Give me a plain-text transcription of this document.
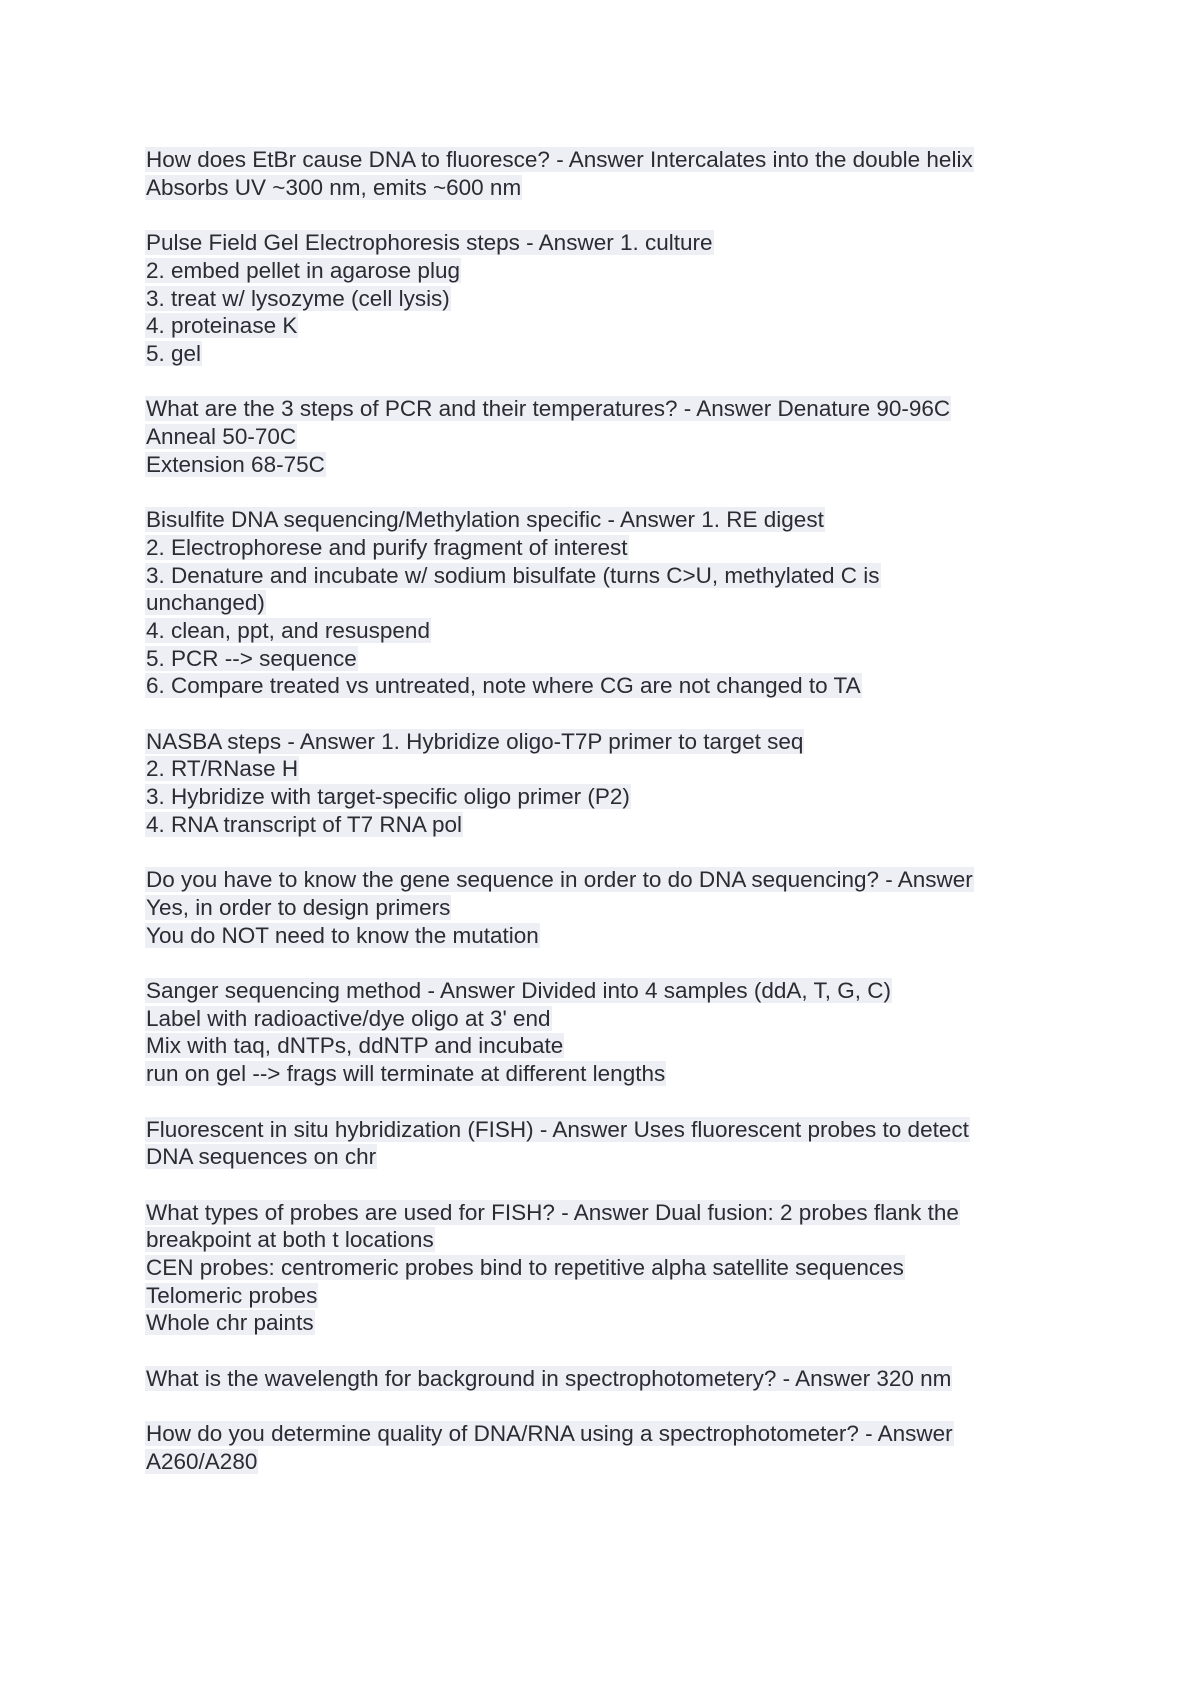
How does EtBr cause DNA to fluoresce? - Answer Intercalates into the double helix
Absorbs UV ~300 nm, emits ~600 nm
Pulse Field Gel Electrophoresis steps - Answer 1. culture
2. embed pellet in agarose plug
3. treat w/ lysozyme (cell lysis)
4. proteinase K
5. gel
What are the 3 steps of PCR and their temperatures? - Answer Denature 90-96C
Anneal 50-70C
Extension 68-75C
Bisulfite DNA sequencing/Methylation specific - Answer 1. RE digest
2. Electrophorese and purify fragment of interest
3. Denature and incubate w/ sodium bisulfate (turns C>U, methylated C is
unchanged)
4. clean, ppt, and resuspend
5. PCR --> sequence
6. Compare treated vs untreated, note where CG are not changed to TA
NASBA steps - Answer 1. Hybridize oligo-T7P primer to target seq
2. RT/RNase H
3. Hybridize with target-specific oligo primer (P2)
4. RNA transcript of T7 RNA pol
Do you have to know the gene sequence in order to do DNA sequencing? - Answer
Yes, in order to design primers
You do NOT need to know the mutation
Sanger sequencing method - Answer Divided into 4 samples (ddA, T, G, C)
Label with radioactive/dye oligo at 3' end
Mix with taq, dNTPs, ddNTP and incubate
run on gel --> frags will terminate at different lengths
Fluorescent in situ hybridization (FISH) - Answer Uses fluorescent probes to detect
DNA sequences on chr
What types of probes are used for FISH? - Answer Dual fusion: 2 probes flank the
breakpoint at both t locations
CEN probes: centromeric probes bind to repetitive alpha satellite sequences
Telomeric probes
Whole chr paints
What is the wavelength for background in spectrophotometery? - Answer 320 nm
How do you determine quality of DNA/RNA using a spectrophotometer? - Answer
A260/A280
